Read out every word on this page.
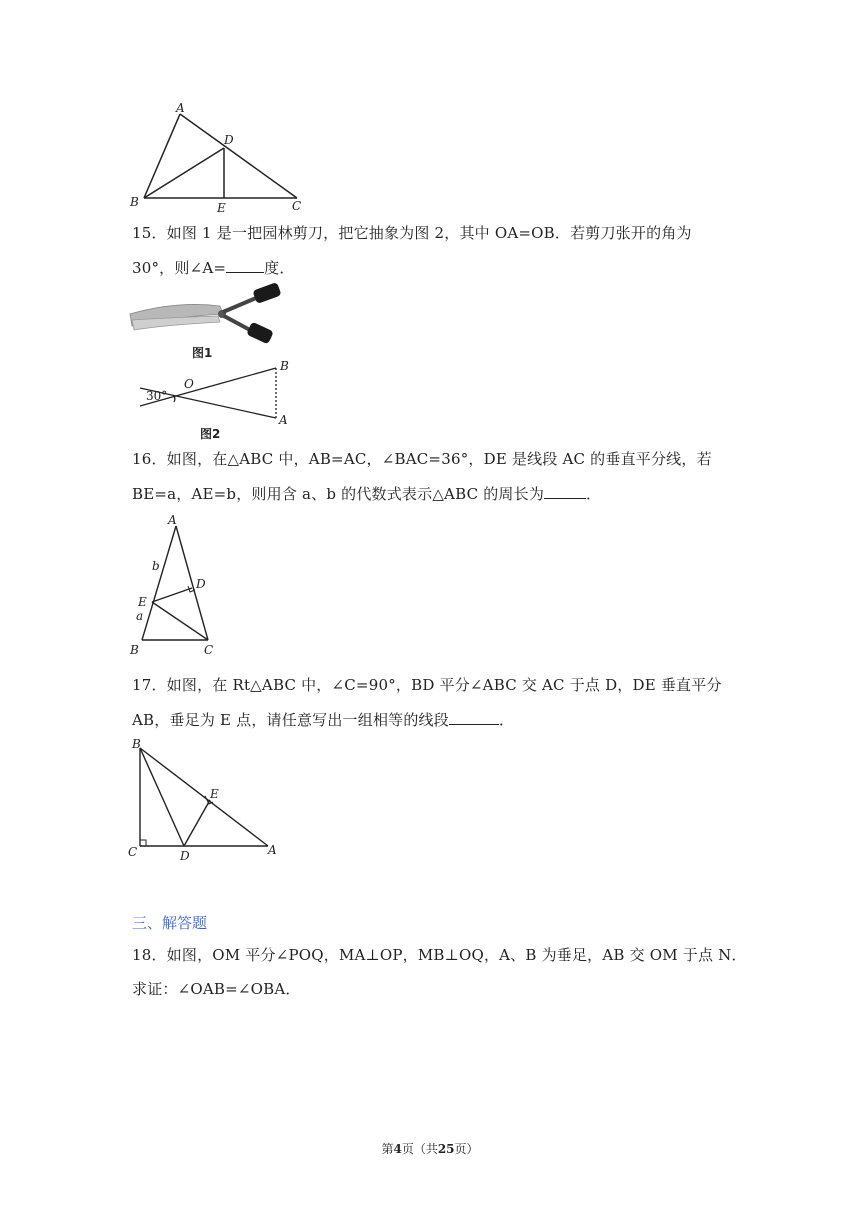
A
D
B	E	C
15．如图 1 是一把园林剪刀，把它抽象为图 2，其中 OA=OB．若剪刀张开的角为
30°，则∠A=	度．
图1
30°
O
B
A
图2
16．如图，在△ABC 中，AB=AC，∠BAC=36°，DE 是线段 AC 的垂直平分线，若
BE=a，AE=b，则用含 a、b 的代数式表示△ABC 的周长为	．
A
b
D
E
a
B	C
17．如图，在 Rt△ABC 中，∠C=90°，BD 平分∠ABC 交 AC 于点 D，DE 垂直平分
AB，垂足为 E 点，请任意写出一组相等的线段	．
B
E
C	D	A
三、解答题
18．如图，OM 平分∠POQ，MA⊥OP，MB⊥OQ，A、B 为垂足，AB 交 OM 于点 N．
求证：∠OAB=∠OBA．
第4页（共25页）
